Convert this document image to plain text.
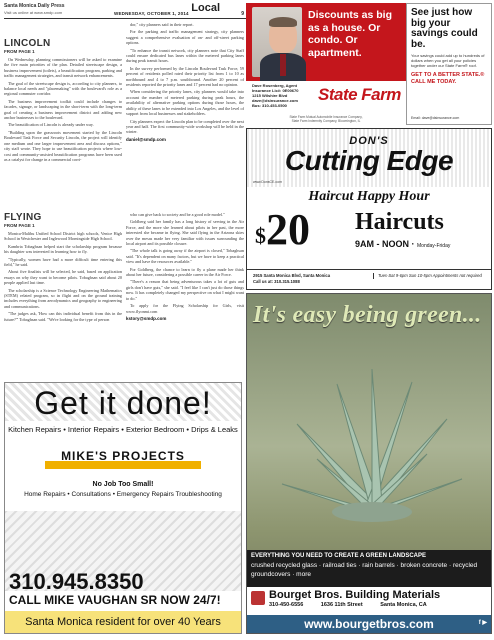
Santa Monica Daily Press
Visit us online at www.smdp.com	WEDNESDAY, OCTOBER 1, 2014 Local	9
LINCOLN
FROM PAGE 1

On Wednesday, planning commissioners will be asked to examine the five main priorities of the plan. Detailed streetscape design, a business improvement (toilets), a beautification program, parking and traffic management strategies, and transit network enhancements.

The goal of the streetscape design is, according to city planners, to balance local needs and "placemaking" with the boulevard's role as a regional commuter corridor.

The business improvement toolkit could include changes to facades, signage, or landscaping in the short-term with the long-term goal of creating a business improvement district and adding new anchor businesses to the boulevard.

The beautification of Lincoln is already under way.

"Building upon the grassroots movement started by the Lincoln Boulevard Task Force and Security Lincoln, the project will identify one medium and one larger improvement area and discuss options," city staff wrote. They hope to use beautification projects where low-cost and community-assisted beautification programs have been used as a catalyst for change in a commercial corri-

dor," city planners said in their report.

For the parking and traffic management strategy, city planners suggest a comprehensive evaluation of on- and off-street parking options.

"To enhance the transit network, city planners note that City Staff could ensure dedicated bus lanes within the metered parking lanes during peak transit hours.

In the survey performed by the Lincoln Boulevard Task Force, 59 percent of residents polled rated their priority list from 1 to 10 as northbound and 4 to 7 p.m. southbound. Another 20 percent of residents reported the priority lanes and 17 percent had no opinion.

When considering the priority lanes, city planners would take into account the number of metered parking during peak hours, the availability of alternative parking options during those hours, the ability of these lanes to be extended into Los Angeles, and the level of support from local businesses and stakeholders.

City planners expect the Lincoln plan to be completed over the next year and half. The first community-wide workshop will be held in the winter.

daniel@smdp.com
FLYING
FROM PAGE 1

Monica-Malibu Unified School District high schools, Venice High School in Westchester and Inglewood Morningside High School.

Kambria Tobaghsan helped start the scholarship program because his daughter was interested in learning how to fly.

"Typically, women have had a more difficult time entering this field," he said.

About five finalists will be selected, he said, based on application essays on why they want to become pilots. Tobaghsan said about 20 people applied last time.

The scholarship is a Science Technology Engineering Mathematics (STEM) related program, so in flight and on the ground training includes everything from aerodynamics and geography to engineering and communications.

"The judges ask, 'How can this individual benefit from this in the future?'" Tobaghsan said. "We're looking for the type of person

who can give back to society and be a good role model."

Goldberg said her family has a long history of serving in the Air Force, and the more she learned about pilots in her past, the more interested she became in flying. She said flying in the Arizona skies over the mesas made her very familiar with issues surrounding the local airport and its possible closure.

"The whole talk is going away if the airport is closed," Tobaghsan said. "It's dependent on many factors, but we have to keep a practical view and have the resources available."

For Goldberg, the chance to learn to fly a plane made her think about her future, considering a possible career in the Air Force.

"There's a reason that being adventurous takes a lot of guts and girls don't have guts," she said. "I feel like I can't just do those things now. It has completely changed my perspective on what I might want to do."

To apply for the Flying Scholarship for Girls, visit www.flyonmi.com

kstory@smdp.com
Discounts as big as a house. Or condo. Or apartment.
Dave Rosenberg, Agent
Insurance Lic#: 0E00670
1215 Wilshire Blvd
dave@dsinsurance.com
Bus: 310-453-0500
State Farm
State Farm Mutual Automobile Insurance Company, State Farm Indemnity Company, Bloomington, IL
See just how big your savings could be.
Your savings could add up to hundreds of dollars when you get all your policies together under our State Farm® roof.
GET TO A BETTER STATE.® CALL ME TODAY.
Email: dave@dsinsurance.com
DON'S
Cutting Edge
www.DonsCE.com
Haircut Happy Hour
$20 Haircuts
9AM - NOON · Monday-Friday
2915 Santa Monica Blvd, Santa Monica
Call us at: 310.315.1088
Tues-Sat 9-6pm Sun 10-5pm Appointments not required
It's easy being green...
EVERYTHING YOU NEED TO CREATE A GREEN LANDSCAPE
crushed recycled glass · railroad ties · rain barrels · broken concrete · recycled groundcovers · more
Bourget Bros. Building Materials
310-450-6556	1636 11th Street	Santa Monica, CA
www.bourgetbros.com	f ▶
Get it done!
Kitchen Repairs • Interior Repairs • Exterior Bedroom • Drips & Leaks
MIKE'S PROJECTS
No Job Too Small!
Home Repairs • Consultations • Emergency Repairs Troubleshooting
310.945.8350
CALL MIKE VAUGHAN SR NOW 24/7!
Santa Monica resident for over 40 Years
